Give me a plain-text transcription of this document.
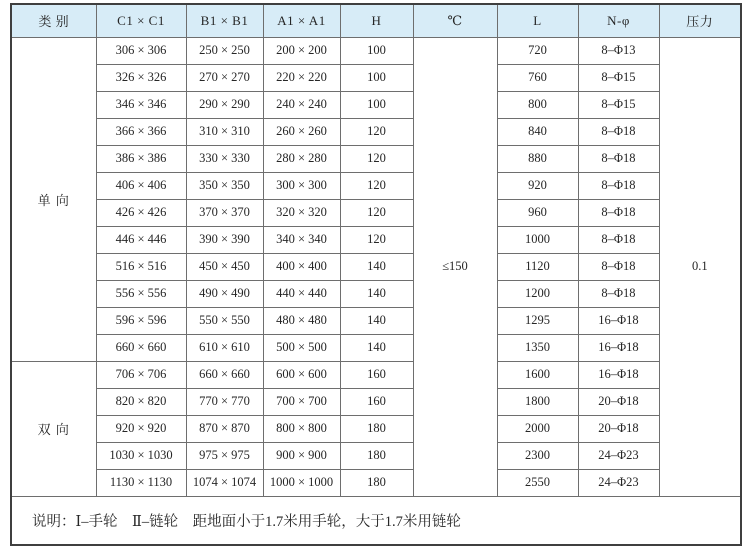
类 别	C1 × C1	B1 × B1	A1 × A1	H	℃	L	N-φ	压力
单 向	306 × 306	250 × 250	200 × 200	100	≤150	720	8–Φ13	0.1
	326 × 326	270 × 270	220 × 220	100		760	8–Φ15	
	346 × 346	290 × 290	240 × 240	100		800	8–Φ15	
	366 × 366	310 × 310	260 × 260	120		840	8–Φ18	
	386 × 386	330 × 330	280 × 280	120		880	8–Φ18	
	406 × 406	350 × 350	300 × 300	120		920	8–Φ18	
	426 × 426	370 × 370	320 × 320	120		960	8–Φ18	
	446 × 446	390 × 390	340 × 340	120		1000	8–Φ18	
	516 × 516	450 × 450	400 × 400	140		1120	8–Φ18	
	556 × 556	490 × 490	440 × 440	140		1200	8–Φ18	
	596 × 596	550 × 550	480 × 480	140		1295	16–Φ18	
	660 × 660	610 × 610	500 × 500	140		1350	16–Φ18	
双 向	706 × 706	660 × 660	600 × 600	160		1600	16–Φ18	
	820 × 820	770 × 770	700 × 700	160		1800	20–Φ18	
	920 × 920	870 × 870	800 × 800	180		2000	20–Φ18	
	1030 × 1030	975 × 975	900 × 900	180		2300	24–Φ23	
	1130 × 1130	1074 × 1074	1000 × 1000	180		2550	24–Φ23	
说明：Ⅰ–手轮　Ⅱ–链轮　距地面小于1.7米用手轮，大于1.7米用链轮								
